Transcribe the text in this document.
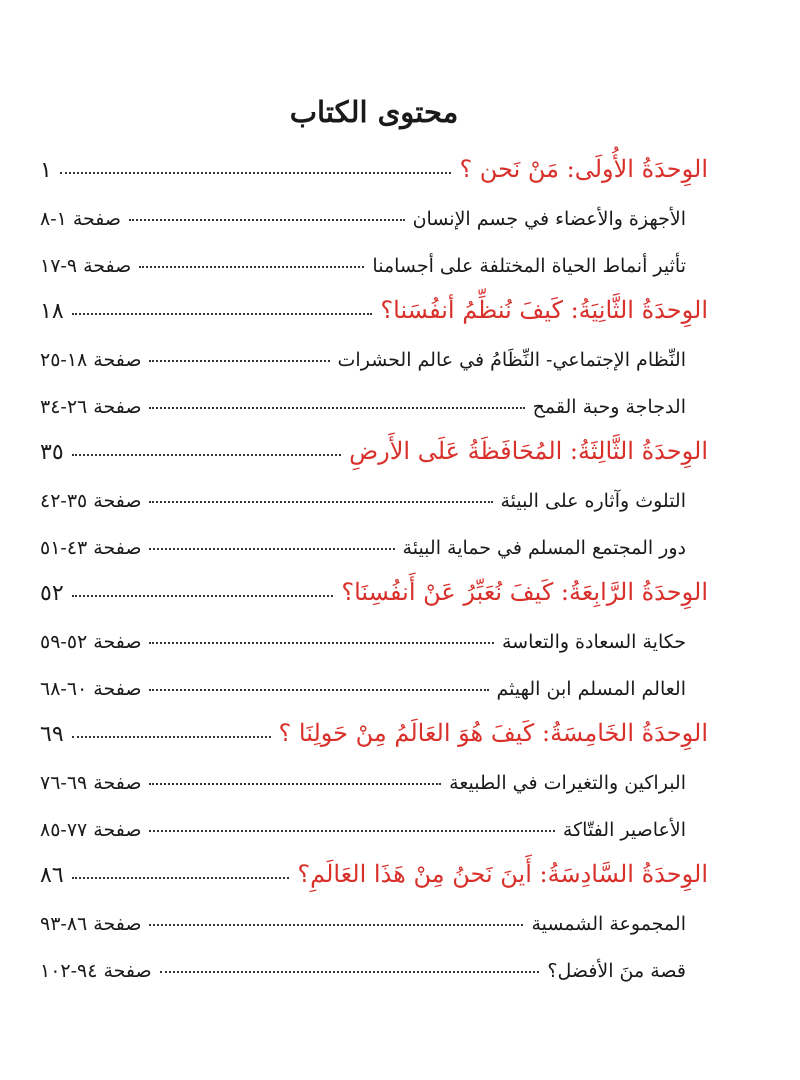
محتوى الكتاب
الوِحدَةُ الأُولَى: مَنْ نَحن ؟
١
الأجهزة والأعضاء في جسم الإنسان
صفحة١-٨
تأثير أنماط الحياة المختلفة على أجسامنا
صفحة٩-١٧
الوِحدَةُ الثَّانِيَةُ: كَيفَ نُنظِّمُ أنفُسَنا؟
١٨
النِّظام الإجتماعي- النِّظَامُ في عالم الحشرات
صفحة١٨-٢٥
الدجاجة وحبة القمح
صفحة٢٦-٣٤
الوِحدَةُ الثَّالِثَةُ: المُحَافَظَةُ عَلَى الأَرضِ
٣٥
التلوث وآثاره على البيئة
صفحة٣٥-٤٢
دور المجتمع المسلم في حماية البيئة
صفحة٤٣-٥١
الوِحدَةُ الرَّابِعَةُ: كَيفَ نُعَبِّرُ عَنْ أَنفُسِنَا؟
٥٢
حكاية السعادة والتعاسة
صفحة٥٢-٥٩
العالم المسلم ابن الهيثم
صفحة٦٠-٦٨
الوِحدَةُ الخَامِسَةُ: كَيفَ هُوَ العَالَمُ مِنْ حَولِنَا ؟
٦٩
البراكين والتغيرات في الطبيعة
صفحة٦٩-٧٦
الأعاصير الفتّاكة
صفحة٧٧-٨٥
الوِحدَةُ السَّادِسَةُ: أَينَ نَحنُ مِنْ هَذَا العَالَمِ؟
٨٦
المجموعة الشمسية
صفحة٨٦-٩٣
قصة منَ الأفضل؟
صفحة٩٤-١٠٢
